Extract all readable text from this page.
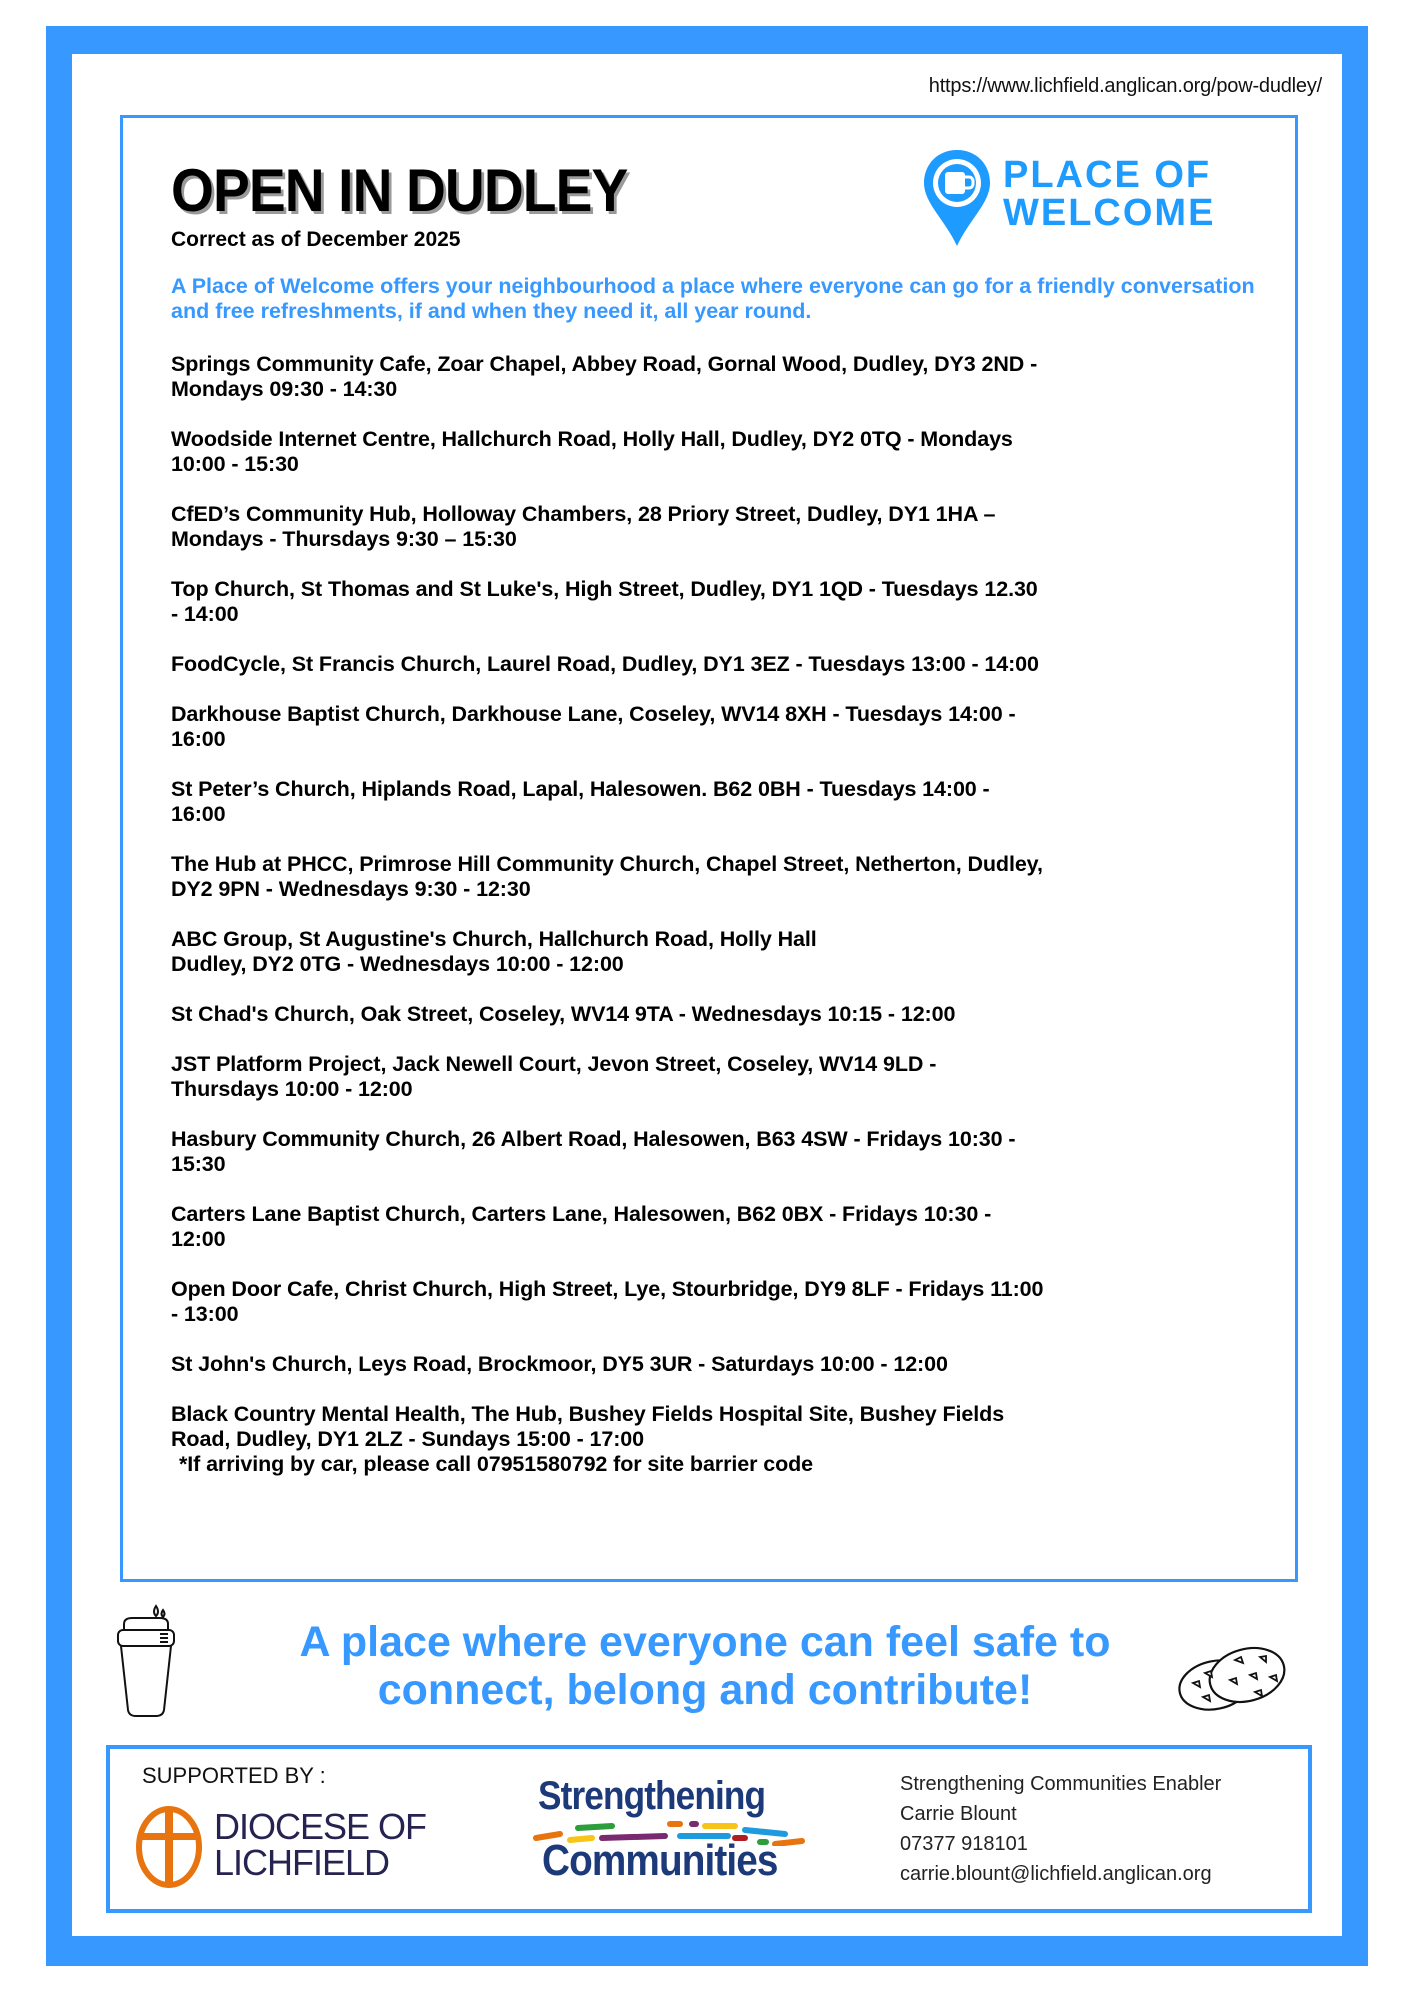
https://www.lichfield.anglican.org/pow-dudley/
OPEN IN DUDLEY
Correct as of December 2025
PLACE OF
WELCOME
A Place of Welcome offers your neighbourhood a place where everyone can go for a friendly conversation and free refreshments, if and when they need it, all year round.
Springs Community Cafe, Zoar Chapel, Abbey Road, Gornal Wood, Dudley, DY3 2ND -
Mondays 09:30 - 14:30
Woodside Internet Centre, Hallchurch Road, Holly Hall, Dudley, DY2 0TQ - Mondays
10:00 - 15:30
CfED’s Community Hub, Holloway Chambers, 28 Priory Street, Dudley, DY1 1HA –
Mondays - Thursdays 9:30 – 15:30
Top Church, St Thomas and St Luke's, High Street, Dudley, DY1 1QD - Tuesdays 12.30
- 14:00
FoodCycle, St Francis Church, Laurel Road, Dudley, DY1 3EZ - Tuesdays 13:00 - 14:00
Darkhouse Baptist Church, Darkhouse Lane, Coseley, WV14 8XH - Tuesdays 14:00 -
16:00
St Peter’s Church, Hiplands Road, Lapal, Halesowen. B62 0BH - Tuesdays 14:00 -
16:00
The Hub at PHCC, Primrose Hill Community Church, Chapel Street, Netherton, Dudley,
DY2 9PN - Wednesdays 9:30 - 12:30
ABC Group, St Augustine's Church, Hallchurch Road, Holly Hall
Dudley, DY2 0TG - Wednesdays 10:00 - 12:00
St Chad's Church, Oak Street, Coseley, WV14 9TA - Wednesdays 10:15 - 12:00
JST Platform Project, Jack Newell Court, Jevon Street, Coseley, WV14 9LD -
Thursdays 10:00 - 12:00
Hasbury Community Church, 26 Albert Road, Halesowen, B63 4SW - Fridays 10:30 -
15:30
Carters Lane Baptist Church, Carters Lane, Halesowen, B62 0BX - Fridays 10:30 -
12:00
Open Door Cafe, Christ Church, High Street, Lye, Stourbridge, DY9 8LF - Fridays 11:00
- 13:00
St John's Church, Leys Road, Brockmoor, DY5 3UR - Saturdays 10:00 - 12:00
Black Country Mental Health, The Hub, Bushey Fields Hospital Site, Bushey Fields
Road, Dudley, DY1 2LZ - Sundays 15:00 - 17:00
*If arriving by car, please call 07951580792 for site barrier code
A place where everyone can feel safe to
connect, belong and contribute!
SUPPORTED BY :
DIOCESE OF
LICHFIELD
Strengthening
Communities
Strengthening Communities Enabler
Carrie Blount
07377 918101
carrie.blount@lichfield.anglican.org
